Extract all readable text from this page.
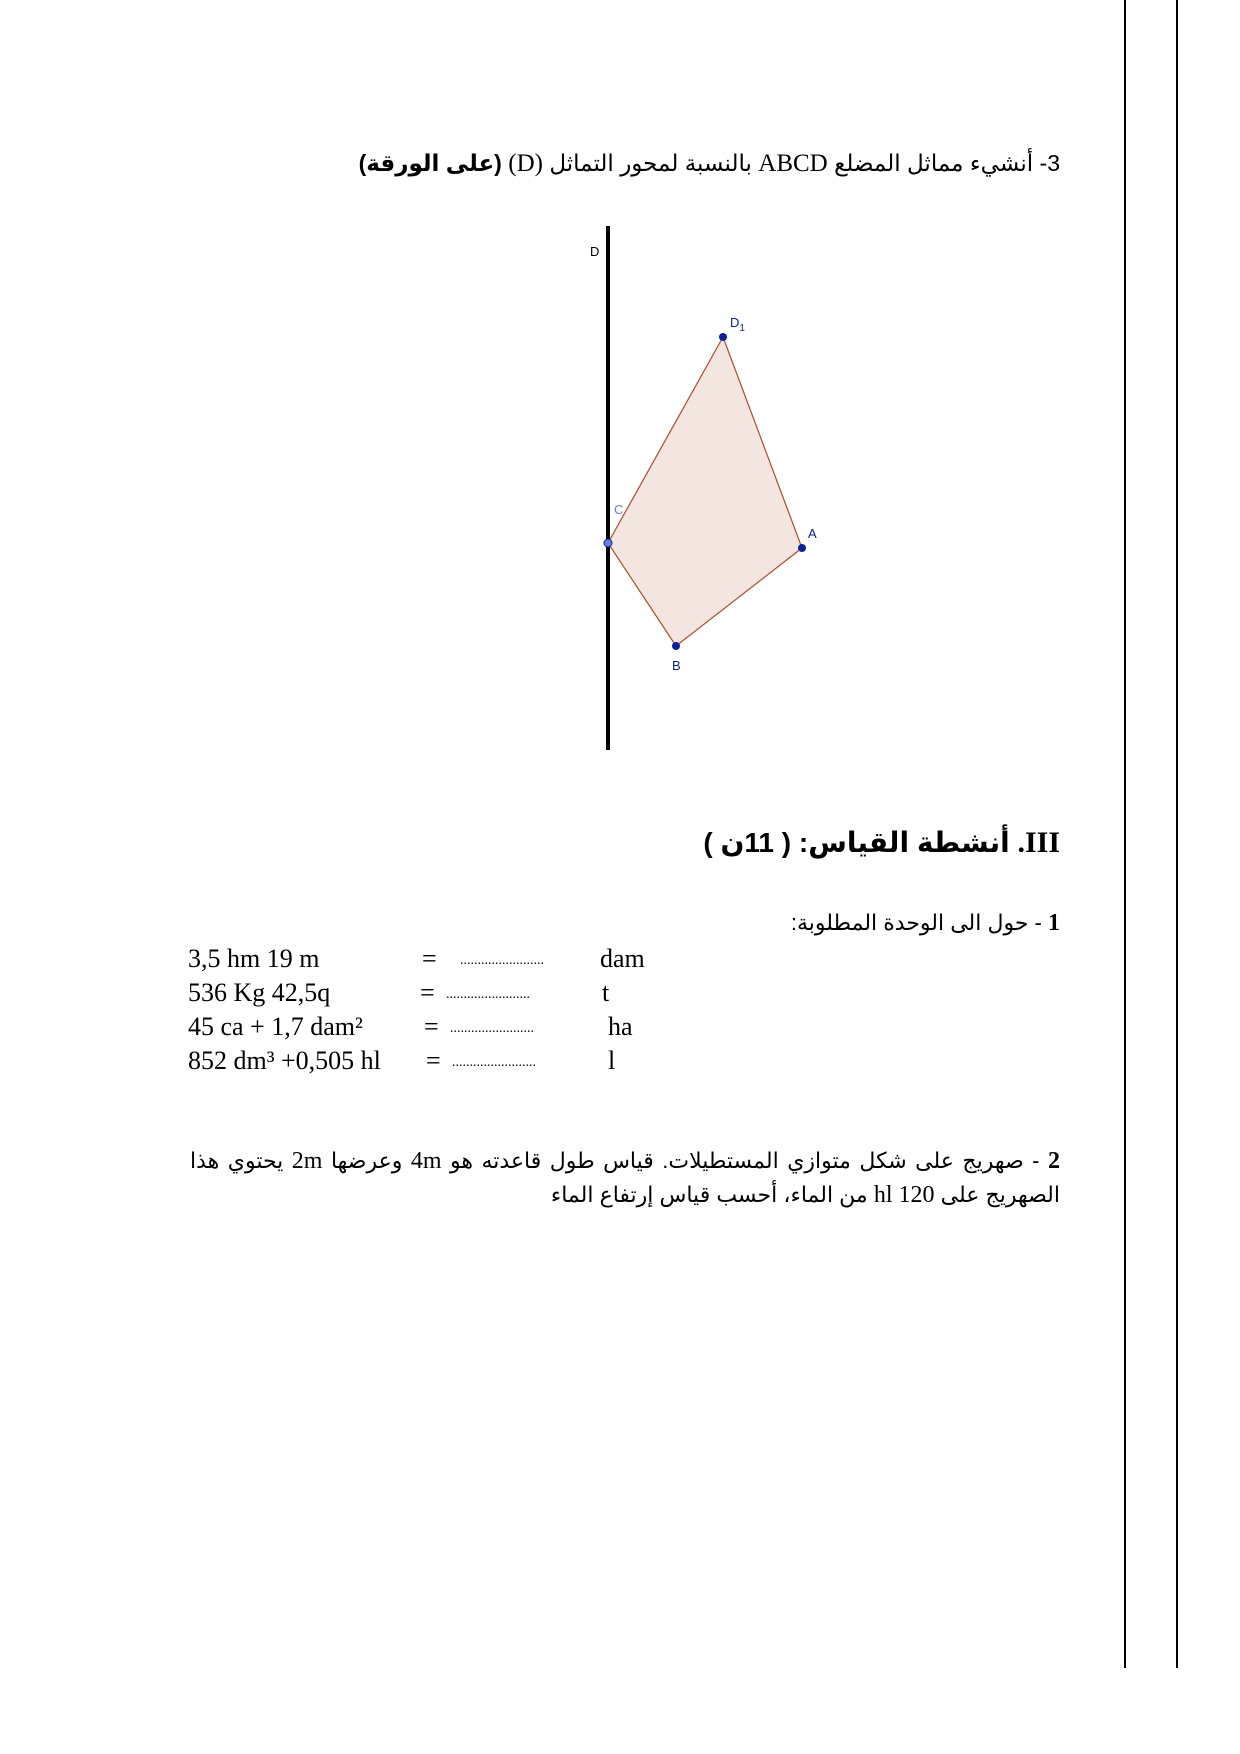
3- أنشيء مماثل المضلع ABCD بالنسبة لمحور التماثل (D) (على الورقة)
D
$D_1$
A
B
C
III. أنشطة القياس: ( 11ن )
1 - حول الى الوحدة المطلوبة:
3,5 hm 19 m	= ........................ dam
536 Kg 42,5q	= ........................	t
45 ca + 1,7 dam² = ........................	ha
852 dm³ +0,505 hl = ........................	l
2 - صهريج على شكل متوازي المستطيلات. قياس طول قاعدته هو 4m وعرضها 2m يحتوي هذا الصهريج على 120 hl من الماء، أحسب قياس إرتفاع الماء
